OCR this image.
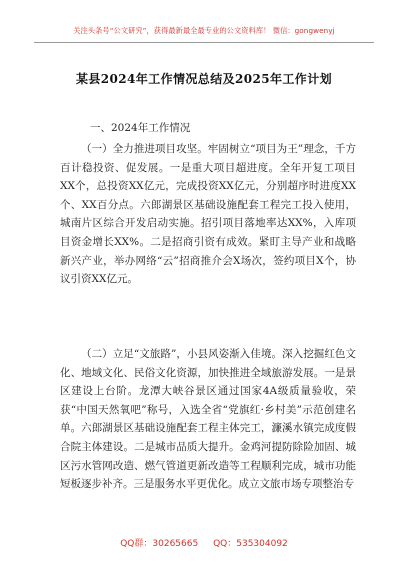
关注头条号“公文研究”，获得最新最全最专业的公文资料库！ 微信：gongwenyj
某县2024年工作情况总结及2025年工作计划
一、2024年工作情况

（一）全力推进项目攻坚。牢固树立“项目为王”理念，千方百计稳投资、促发展。一是重大项目超进度。全年开复工项目XX个，总投资XX亿元，完成投资XX亿元，分别超序时进度XX个、XX百分点。六郎湖景区基础设施配套工程完工投入使用，城南片区综合开发启动实施。招引项目落地率达XX%，入库项目资金增长XX%。二是招商引资有成效。紧盯主导产业和战略新兴产业，举办网络“云”招商推介会X场次，签约项目X个，协议引资XX亿元。

（二）立足“文旅路”，小县风姿渐入佳境。深入挖掘红色文化、地域文化、民俗文化资源，加快推进全域旅游发展。一是景区建设上台阶。龙潭大峡谷景区通过国家4A级质量验收，荣获“中国天然氧吧”称号，入选全省“党旗红·乡村美”示范创建名单。六郎湖景区基础设施配套工程主体完工，濂溪水镇完成度假合院主体建设。二是城市品质大提升。金鸡河提防除险加固、城区污水管网改造、燃气管道更新改造等工程顺利完成，城市功能短板逐步补齐。三是服务水平更优化。成立文旅市场专项整治专

QQ群：30265665 QQ：535304092
